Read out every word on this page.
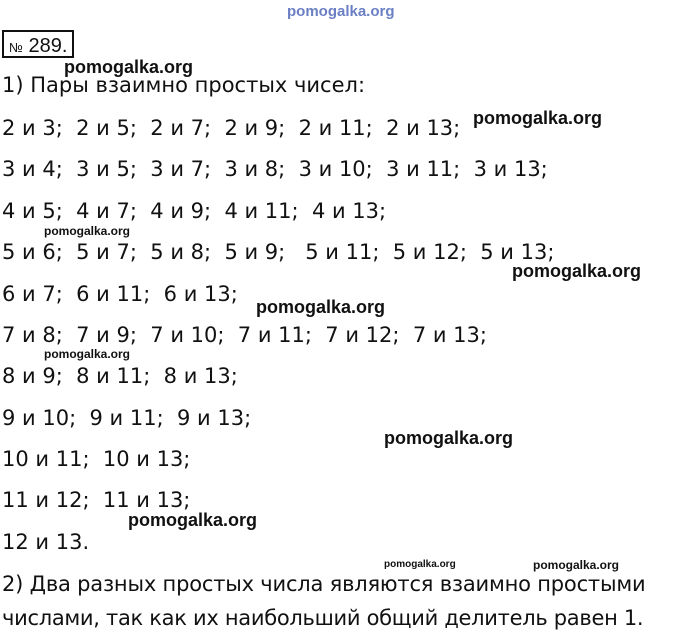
pomogalka.org
pomogalka.org
pomogalka.org
pomogalka.org
pomogalka.org
pomogalka.org
pomogalka.org
pomogalka.org
pomogalka.org
pomogalka.org	pomogalka.org
№ 289.
1) Пары взаимно простых чисел:
2 и 3;  2 и 5;  2 и 7;  2 и 9;  2 и 11;  2 и 13;
3 и 4;  3 и 5;  3 и 7;  3 и 8;  3 и 10;  3 и 11;  3 и 13;
4 и 5;  4 и 7;  4 и 9;  4 и 11;  4 и 13;
5 и 6;  5 и 7;  5 и 8;  5 и 9;   5 и 11;  5 и 12;  5 и 13;
6 и 7;  6 и 11;  6 и 13;
7 и 8;  7 и 9;  7 и 10;  7 и 11;  7 и 12;  7 и 13;
8 и 9;  8 и 11;  8 и 13;
9 и 10;  9 и 11;  9 и 13;
10 и 11;  10 и 13;
11 и 12;  11 и 13;
12 и 13.
2) Два разных простых числа являются взаимно простыми
числами, так как их наибольший общий делитель равен 1.
